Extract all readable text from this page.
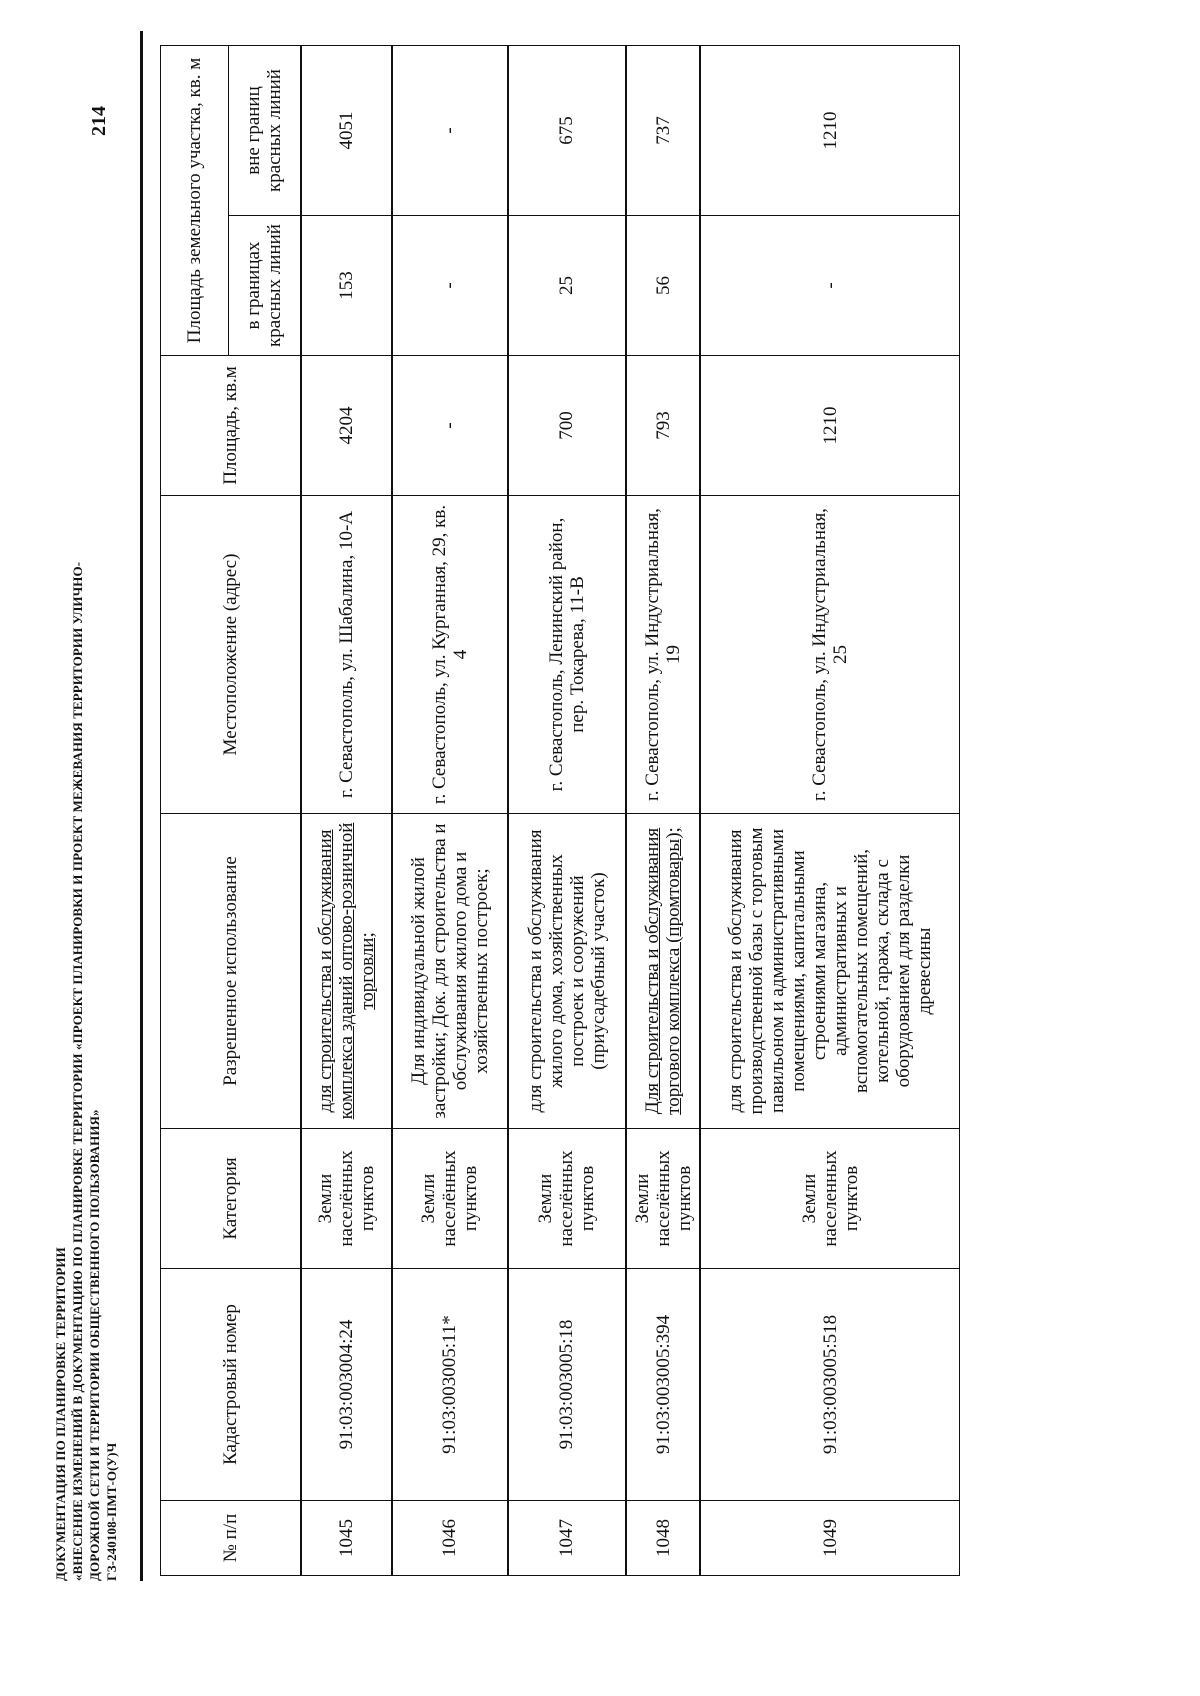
214
ДОКУМЕНТАЦИЯ ПО ПЛАНИРОВКЕ ТЕРРИТОРИИ «ВНЕСЕНИЕ ИЗМЕНЕНИЙ В ДОКУМЕНТАЦИЮ ПО ПЛАНИРОВКЕ ТЕРРИТОРИИ «ПРОЕКТ ПЛАНИРОВКИ И ПРОЕКТ МЕЖЕВАНИЯ ТЕРРИТОРИИ УЛИЧНО- ДОРОЖНОЙ СЕТИ И ТЕРРИТОРИИ ОБЩЕСТВЕННОГО ПОЛЬЗОВАНИЯ» ГЗ-240108-ПМТ-О(У)Ч	№ п/п	Кадастровый номер	Категория	Разрешенное использование	Местоположение (адрес)	Площадь, кв.м	Площадь земельного участка, кв. м	
						в границах красных линий	вне границ красных линий
1045	91:03:003004:24	Земли населённых пунктов	для строительства и обслуживания комплекса зданий оптово-розничной торговли;	г. Севастополь, ул. Шабалина, 10-А	4204	153	4051
1046	91:03:003005:11*	Земли населённых пунктов	Для индивидуальной жилой застройки; Док. для строительства и обслуживания жилого дома и хозяйственных построек;	г. Севастополь, ул. Курганная, 29, кв. 4	-	-	-
1047	91:03:003005:18	Земли населённых пунктов	для строительства и обслуживания жилого дома, хозяйственных построек и сооружений (приусадебный участок)	г. Севастополь, Ленинский район, пер. Токарева, 11-В	700	25	675
1048	91:03:003005:394	Земли населённых пунктов	Для строительства и обслуживания торгового комплекса (промтовары);	г. Севастополь, ул. Индустриальная, 19	793	56	737
1049	91:03:003005:518	Земли населенных пунктов	для строительства и обслуживания производственной базы с торговым павильоном и административными помещениями, капитальными строениями магазина, административных и вспомогательных помещений, котельной, гаража, склада с оборудованием для разделки древесины	г. Севастополь, ул. Индустриальная, 25	1210	-	1210
